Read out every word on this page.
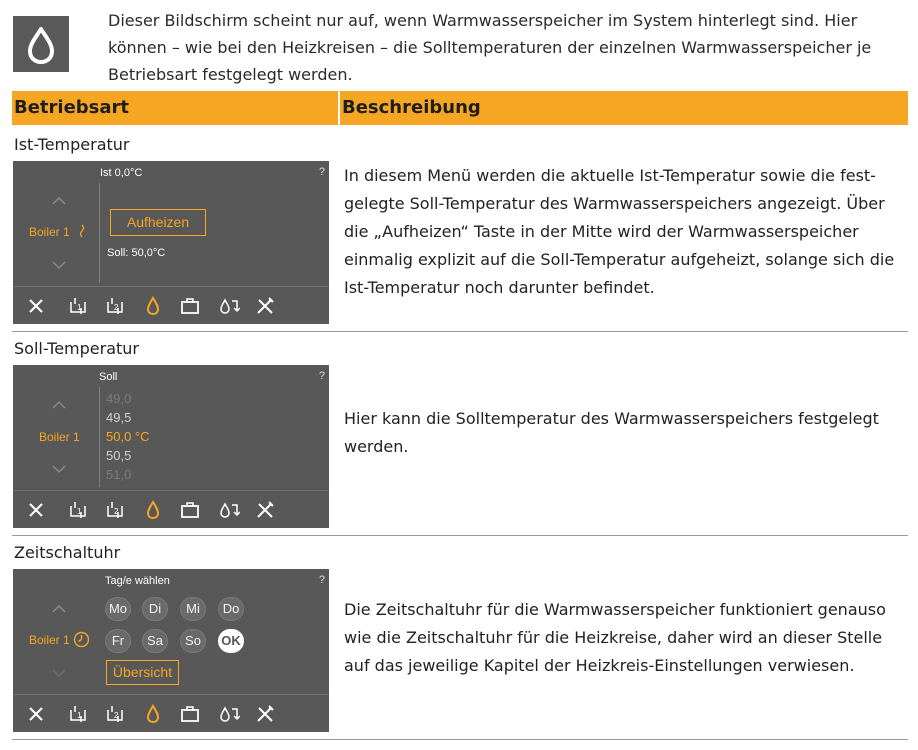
Dieser Bildschirm scheint nur auf, wenn Warmwasserspeicher im System hinterlegt sind. Hier können – wie bei den Heizkreisen – die Solltemperaturen der einzelnen Warmwasserspeicher je Betriebsart festgelegt werden.

Betriebsart	Beschreibung
Ist-Temperatur
Ist 0,0°C	?
Boiler 1
Aufheizen
Soll: 50,0°C
1	2
In diesem Menü werden die aktuelle Ist-Temperatur sowie die fest-gelegte Soll-Temperatur des Warmwasserspeichers angezeigt. Über die „Aufheizen“ Taste in der Mitte wird der Warmwasserspeicher einmalig explizit auf die Soll-Temperatur aufgeheizt, solange sich die Ist-Temperatur noch darunter befindet.
Soll-Temperatur
Soll	?
Boiler 1
49,0
49,5
50,0 °C
50,5
51,0
1	2
Hier kann die Solltemperatur des Warmwasserspeichers festgelegt werden.
Zeitschaltuhr
Tag/e wählen	?
Boiler 1
Mo	Di	Mi	Do
Fr	Sa	So	OK
Übersicht
1	2
Die Zeitschaltuhr für die Warmwasserspeicher funktioniert genauso wie die Zeitschaltuhr für die Heizkreise, daher wird an dieser Stelle auf das jeweilige Kapitel der Heizkreis-Einstellungen verwiesen.
